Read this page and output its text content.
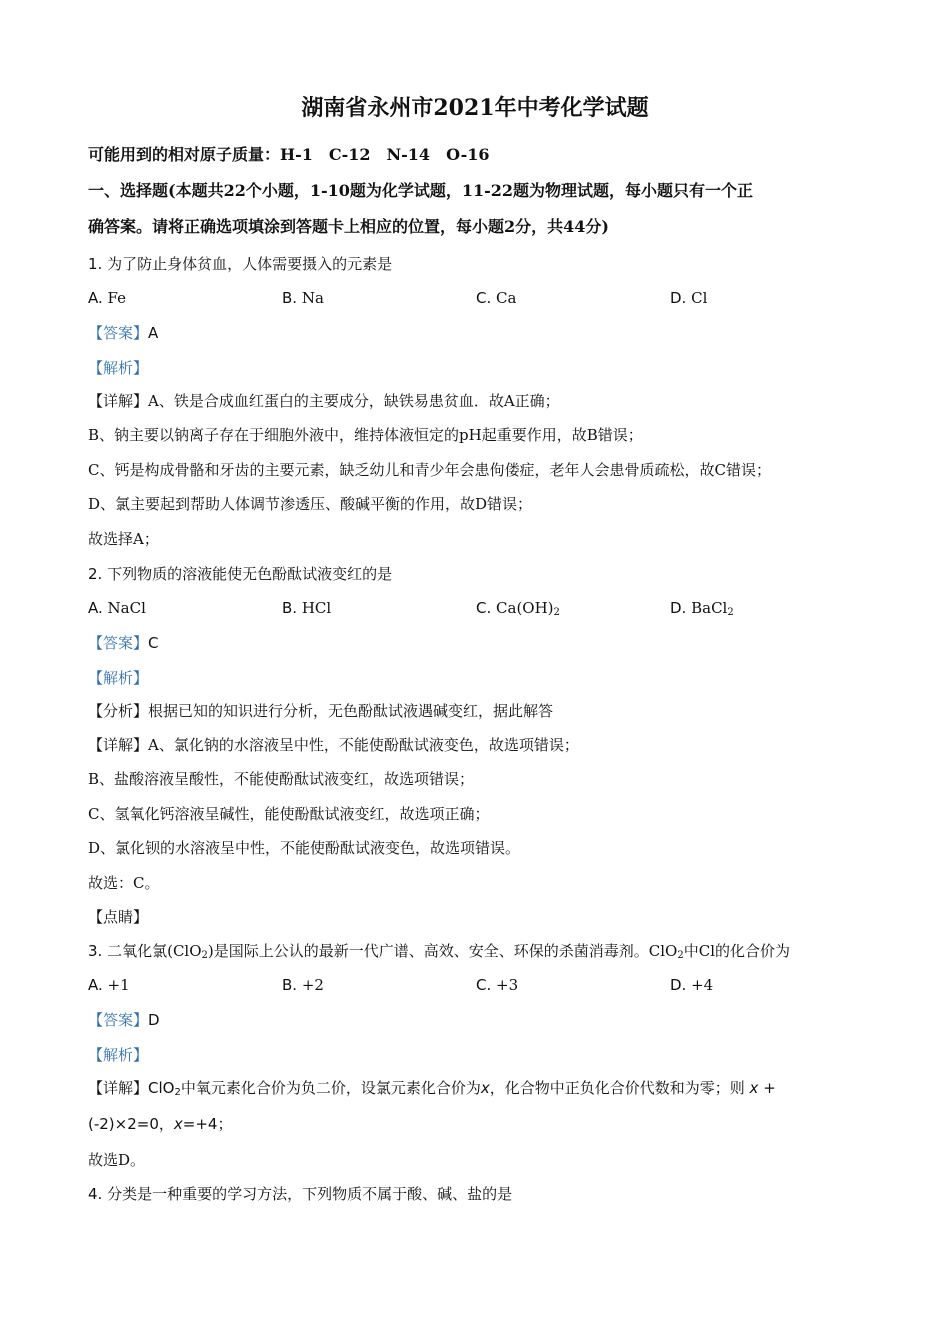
湖南省永州市2021年中考化学试题
可能用到的相对原子质量：H-1　C-12　N-14　O-16
一、选择题(本题共22个小题，1-10题为化学试题，11-22题为物理试题，每小题只有一个正
确答案。请将正确选项填涂到答题卡上相应的位置，每小题2分，共44分)
1. 为了防止身体贫血，人体需要摄入的元素是
A. Fe	B. Na	C. Ca	D. Cl
【答案】A
【解析】
【详解】A、铁是合成血红蛋白的主要成分，缺铁易患贫血．故A正确；
B、钠主要以钠离子存在于细胞外液中，维持体液恒定的pH起重要作用，故B错误；
C、钙是构成骨骼和牙齿的主要元素，缺乏幼儿和青少年会患佝偻症，老年人会患骨质疏松，故C错误；
D、氯主要起到帮助人体调节渗透压、酸碱平衡的作用，故D错误；
故选择A；
2. 下列物质的溶液能使无色酚酞试液变红的是
A. NaCl	B. HCl	C. $Ca(OH)_2$	D. BaCl$_2$
【答案】C
【解析】
【分析】根据已知的知识进行分析，无色酚酞试液遇碱变红，据此解答
【详解】A、氯化钠的水溶液呈中性，不能使酚酞试液变色，故选项错误；
B、盐酸溶液呈酸性，不能使酚酞试液变红，故选项错误；
C、氢氧化钙溶液呈碱性，能使酚酞试液变红，故选项正确；
D、氯化钡的水溶液呈中性，不能使酚酞试液变色，故选项错误。
故选：C。
【点睛】
3. 二氧化氯(ClO$_2$)是国际上公认的最新一代广谱、高效、安全、环保的杀菌消毒剂。ClO$_2$中Cl的化合价为
A. +1	B. +2	C. +3	D. +4
【答案】D
【解析】
【详解】ClO$_2$中氧元素化合价为负二价，设氯元素化合价为x，化合物中正负化合价代数和为零；则 x +
(-2)×2=0，x=+4；
故选D。
4. 分类是一种重要的学习方法，下列物质不属于酸、碱、盐的是
